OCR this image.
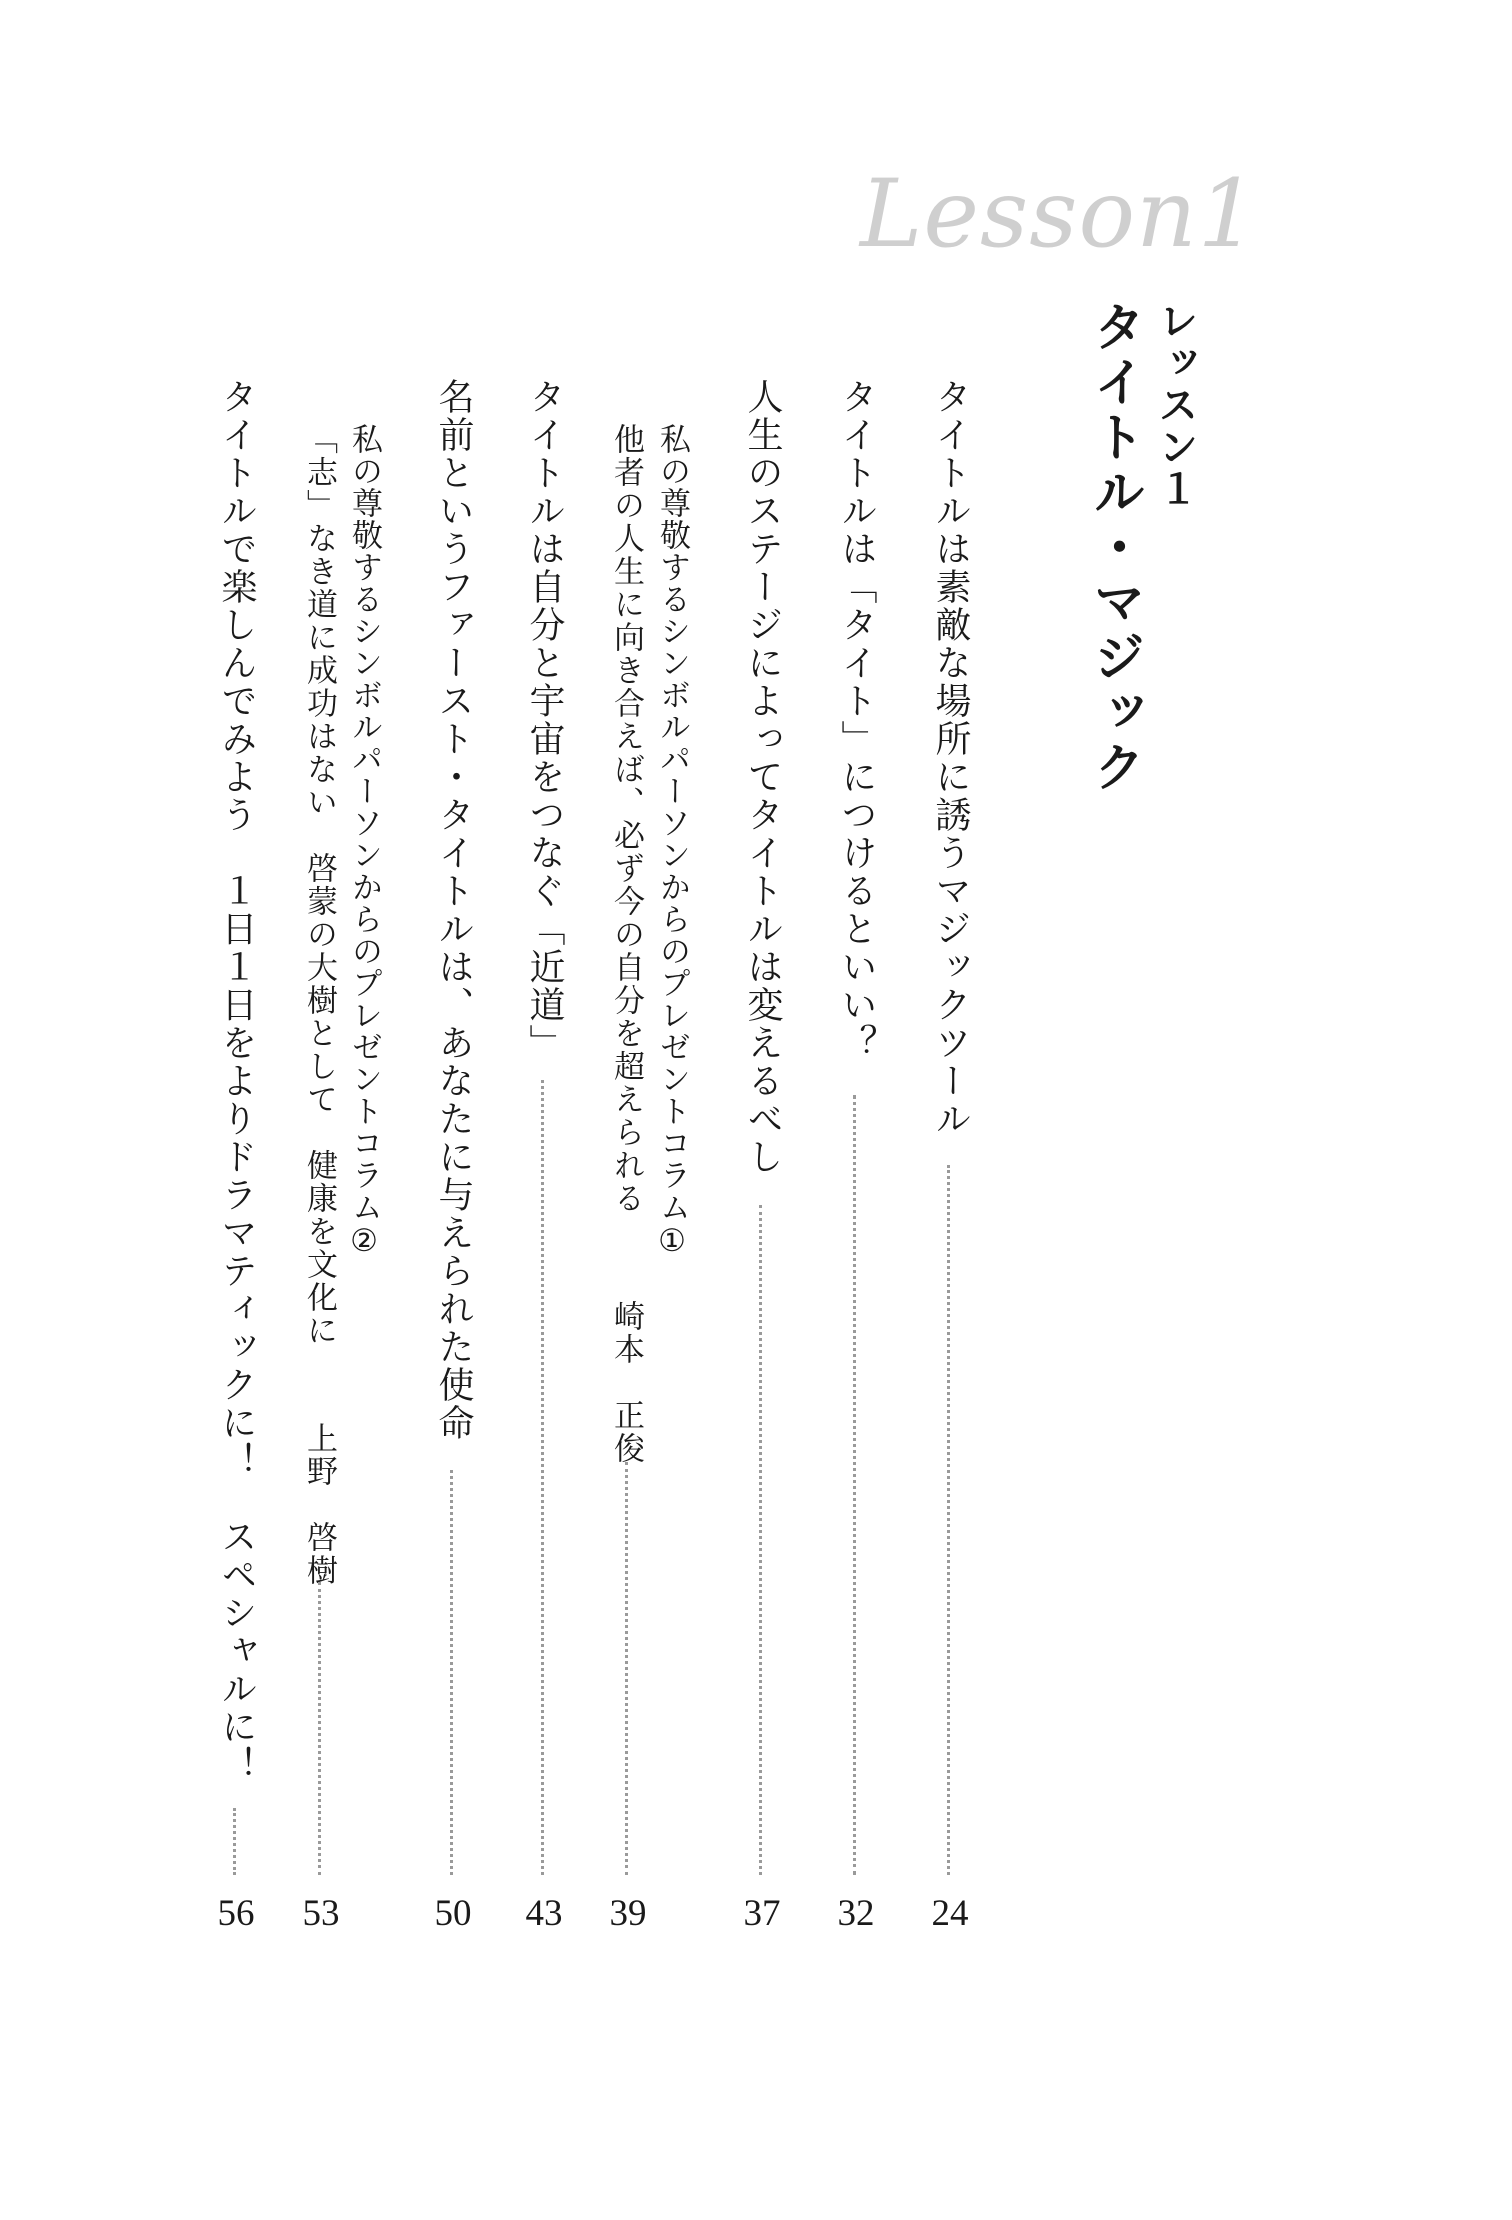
Lesson1
レッスン１
タイトル・マジック
タイトルは素敵な場所に誘うマジックツール
24
タイトルは「タイト」につけるといい？
32
人生のステージによってタイトルは変えるべし
37
私の尊敬するシンボルパーソンからのプレゼントコラム①
他者の人生に向き合えば、必ず今の自分を超えられる
崎本　正俊
39
タイトルは自分と宇宙をつなぐ「近道」
43
名前というファースト・タイトルは、あなたに与えられた使命
50
私の尊敬するシンボルパーソンからのプレゼントコラム②
「志」なき道に成功はない　啓蒙の大樹として　健康を文化に
上野　啓樹
53
タイトルで楽しんでみよう　１日１日をよりドラマティックに！　スペシャルに！
56
